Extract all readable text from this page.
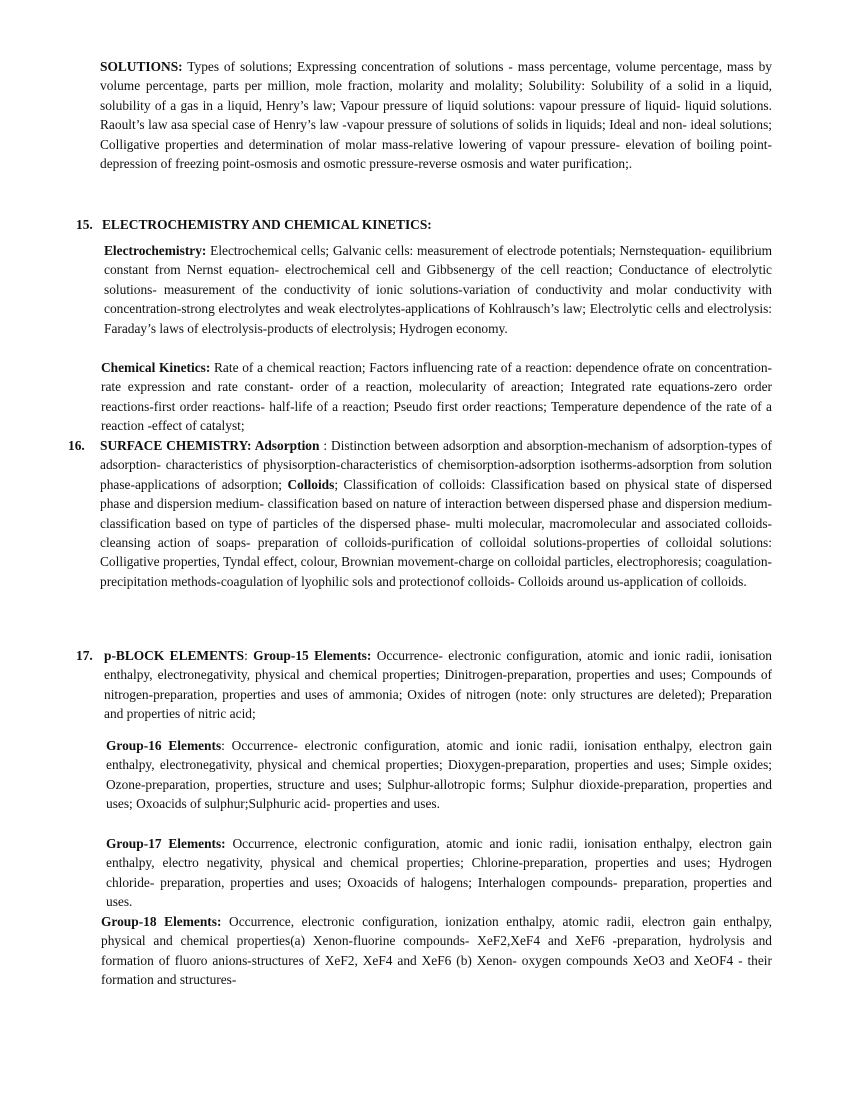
SOLUTIONS: Types of solutions; Expressing concentration of solutions - mass percentage, volume percentage, mass by volume percentage, parts per million, mole fraction, molarity and molality; Solubility: Solubility of a solid in a liquid, solubility of a gas in a liquid, Henry’s law; Vapour pressure of liquid solutions: vapour pressure of liquid- liquid solutions. Raoult’s law asa special case of Henry’s law -vapour pressure of solutions of solids in liquids; Ideal and non- ideal solutions; Colligative properties and determination of molar mass-relative lowering of vapour pressure- elevation of boiling point-depression of freezing point-osmosis and osmotic pressure-reverse osmosis and water purification;.

15. ELECTROCHEMISTRY AND CHEMICAL KINETICS:

Electrochemistry: Electrochemical cells; Galvanic cells: measurement of electrode potentials; Nernstequation- equilibrium constant from Nernst equation- electrochemical cell and Gibbsenergy of the cell reaction; Conductance of electrolytic solutions- measurement of the conductivity of ionic solutions-variation of conductivity and molar conductivity with concentration-strong electrolytes and weak electrolytes-applications of Kohlrausch’s law; Electrolytic cells and electrolysis: Faraday’s laws of electrolysis-products of electrolysis; Hydrogen economy.

Chemical Kinetics: Rate of a chemical reaction; Factors influencing rate of a reaction: dependence ofrate on concentration- rate expression and rate constant- order of a reaction, molecularity of areaction; Integrated rate equations-zero order reactions-first order reactions- half-life of a reaction; Pseudo first order reactions; Temperature dependence of the rate of a reaction -effect of catalyst;

16. SURFACE CHEMISTRY: Adsorption : Distinction between adsorption and absorption-mechanism of adsorption-types of adsorption- characteristics of physisorption-characteristics of chemisorption-adsorption isotherms-adsorption from solution phase-applications of adsorption; Colloids; Classification of colloids: Classification based on physical state of dispersed phase and dispersion medium- classification based on nature of interaction between dispersed phase and dispersion medium- classification based on type of particles of the dispersed phase- multi molecular, macromolecular and associated colloids- cleansing action of soaps- preparation of colloids-purification of colloidal solutions-properties of colloidal solutions: Colligative properties, Tyndal effect, colour, Brownian movement-charge on colloidal particles, electrophoresis; coagulation-precipitation methods-coagulation of lyophilic sols and protectionof colloids- Colloids around us-application of colloids.

17. p-BLOCK ELEMENTS: Group-15 Elements: Occurrence- electronic configuration, atomic and ionic radii, ionisation enthalpy, electronegativity, physical and chemical properties; Dinitrogen-preparation, properties and uses; Compounds of nitrogen-preparation, properties and uses of ammonia; Oxides of nitrogen (note: only structures are deleted); Preparation and properties of nitric acid;

Group-16 Elements: Occurrence- electronic configuration, atomic and ionic radii, ionisation enthalpy, electron gain enthalpy, electronegativity, physical and chemical properties; Dioxygen-preparation, properties and uses; Simple oxides; Ozone-preparation, properties, structure and uses; Sulphur-allotropic forms; Sulphur dioxide-preparation, properties and uses; Oxoacids of sulphur;Sulphuric acid- properties and uses.

Group-17 Elements: Occurrence, electronic configuration, atomic and ionic radii, ionisation enthalpy, electron gain enthalpy, electro negativity, physical and chemical properties; Chlorine-preparation, properties and uses; Hydrogen chloride- preparation, properties and uses; Oxoacids of halogens; Interhalogen compounds- preparation, properties and uses.

Group-18 Elements: Occurrence, electronic configuration, ionization enthalpy, atomic radii, electron gain enthalpy, physical and chemical properties(a) Xenon-fluorine compounds- XeF2,XeF4 and XeF6 -preparation, hydrolysis and formation of fluoro anions-structures of XeF2, XeF4 and XeF6 (b) Xenon- oxygen compounds XeO3 and XeOF4 - their formation and structures-
